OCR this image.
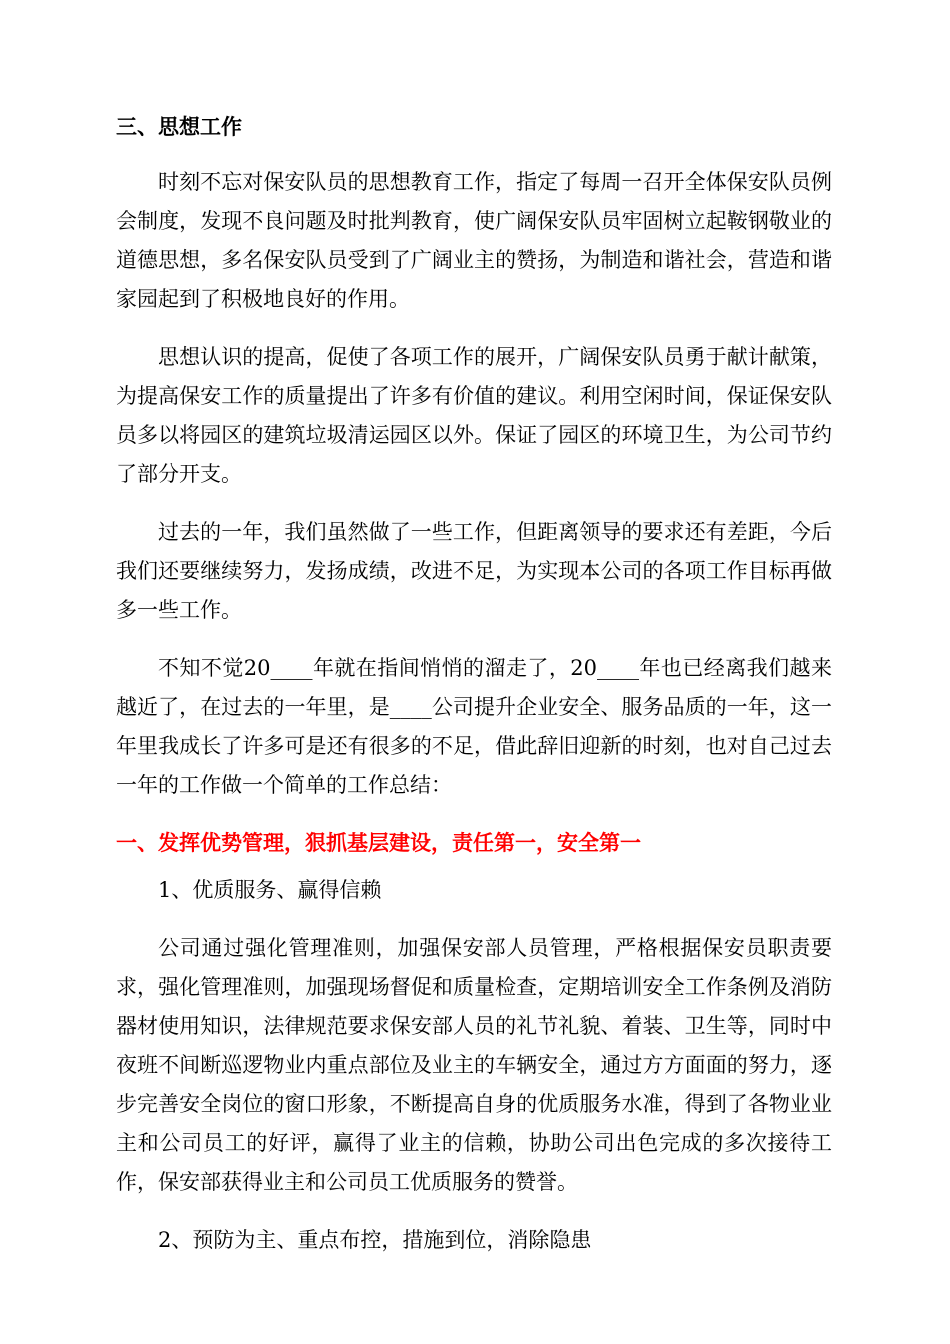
三、思想工作

时刻不忘对保安队员的思想教育工作，指定了每周一召开全体保安队员例会制度，发现不良问题及时批判教育，使广阔保安队员牢固树立起鞍钢敬业的道德思想，多名保安队员受到了广阔业主的赞扬，为制造和谐社会，营造和谐家园起到了积极地良好的作用。

思想认识的提高，促使了各项工作的展开，广阔保安队员勇于献计献策，为提高保安工作的质量提出了许多有价值的建议。利用空闲时间，保证保安队员多以将园区的建筑垃圾清运园区以外。保证了园区的环境卫生，为公司节约了部分开支。

过去的一年，我们虽然做了一些工作，但距离领导的要求还有差距，今后我们还要继续努力，发扬成绩，改进不足，为实现本公司的各项工作目标再做多一些工作。

不知不觉20____年就在指间悄悄的溜走了，20____年也已经离我们越来越近了，在过去的一年里，是____公司提升企业安全、服务品质的一年，这一年里我成长了许多可是还有很多的不足，借此辞旧迎新的时刻，也对自己过去一年的工作做一个简单的工作总结：

一、发挥优势管理，狠抓基层建设，责任第一，安全第一

1、优质服务、赢得信赖

公司通过强化管理准则，加强保安部人员管理，严格根据保安员职责要求，强化管理准则，加强现场督促和质量检查，定期培训安全工作条例及消防器材使用知识，法律规范要求保安部人员的礼节礼貌、着装、卫生等，同时中夜班不间断巡逻物业内重点部位及业主的车辆安全，通过方方面面的努力，逐步完善安全岗位的窗口形象，不断提高自身的优质服务水准，得到了各物业业主和公司员工的好评，赢得了业主的信赖，协助公司出色完成的多次接待工作，保安部获得业主和公司员工优质服务的赞誉。

2、预防为主、重点布控，措施到位，消除隐患
